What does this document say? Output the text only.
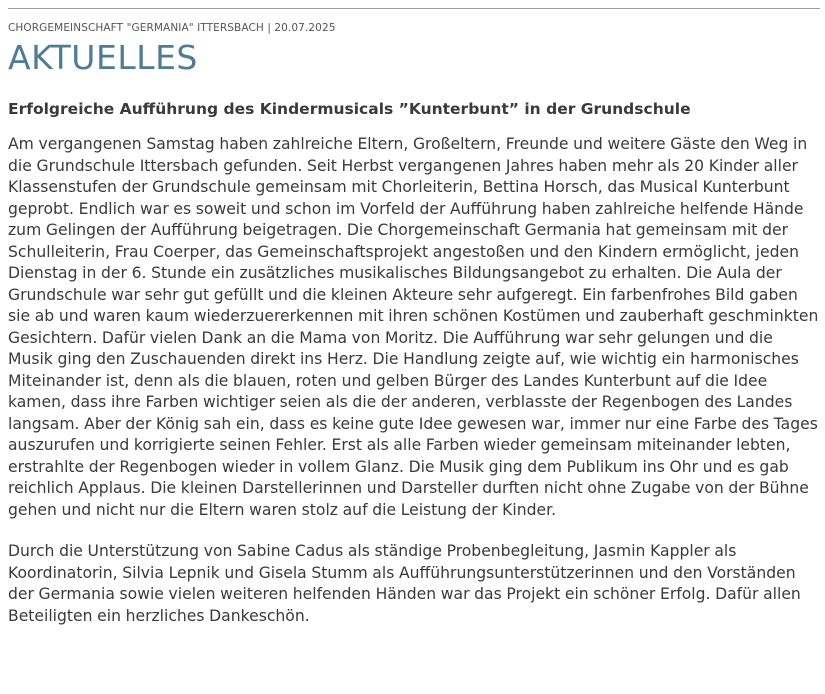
CHORGEMEINSCHAFT "GERMANIA" ITTERSBACH | 20.07.2025
AKTUELLES
Erfolgreiche Aufführung des Kindermusicals ”Kunterbunt” in der Grundschule

Am vergangenen Samstag haben zahlreiche Eltern, Großeltern, Freunde und weitere Gäste den Weg in die Grundschule Ittersbach gefunden. Seit Herbst vergangenen Jahres haben mehr als 20 Kinder aller Klassenstufen der Grundschule gemeinsam mit Chorleiterin, Bettina Horsch, das Musical Kunterbunt geprobt. Endlich war es soweit und schon im Vorfeld der Aufführung haben zahlreiche helfende Hände zum Gelingen der Aufführung beigetragen. Die Chorgemeinschaft Germania hat gemeinsam mit der Schulleiterin, Frau Coerper, das Gemeinschaftsprojekt angestoßen und den Kindern ermöglicht, jeden Dienstag in der 6. Stunde ein zusätzliches musikalisches Bildungsangebot zu erhalten. Die Aula der Grundschule war sehr gut gefüllt und die kleinen Akteure sehr aufgeregt. Ein farbenfrohes Bild gaben sie ab und waren kaum wiederzuererkennen mit ihren schönen Kostümen und zauberhaft geschminkten Gesichtern. Dafür vielen Dank an die Mama von Moritz. Die Aufführung war sehr gelungen und die Musik ging den Zuschauenden direkt ins Herz. Die Handlung zeigte auf, wie wichtig ein harmonisches Miteinander ist, denn als die blauen, roten und gelben Bürger des Landes Kunterbunt auf die Idee kamen, dass ihre Farben wichtiger seien als die der anderen, verblasste der Regenbogen des Landes langsam. Aber der König sah ein, dass es keine gute Idee gewesen war, immer nur eine Farbe des Tages auszurufen und korrigierte seinen Fehler. Erst als alle Farben wieder gemeinsam miteinander lebten, erstrahlte der Regenbogen wieder in vollem Glanz. Die Musik ging dem Publikum ins Ohr und es gab reichlich Applaus. Die kleinen Darstellerinnen und Darsteller durften nicht ohne Zugabe von der Bühne gehen und nicht nur die Eltern waren stolz auf die Leistung der Kinder.

Durch die Unterstützung von Sabine Cadus als ständige Probenbegleitung, Jasmin Kappler als Koordinatorin, Silvia Lepnik und Gisela Stumm als Aufführungsunterstützerinnen und den Vorständen der Germania sowie vielen weiteren helfenden Händen war das Projekt ein schöner Erfolg. Dafür allen Beteiligten ein herzliches Dankeschön.
